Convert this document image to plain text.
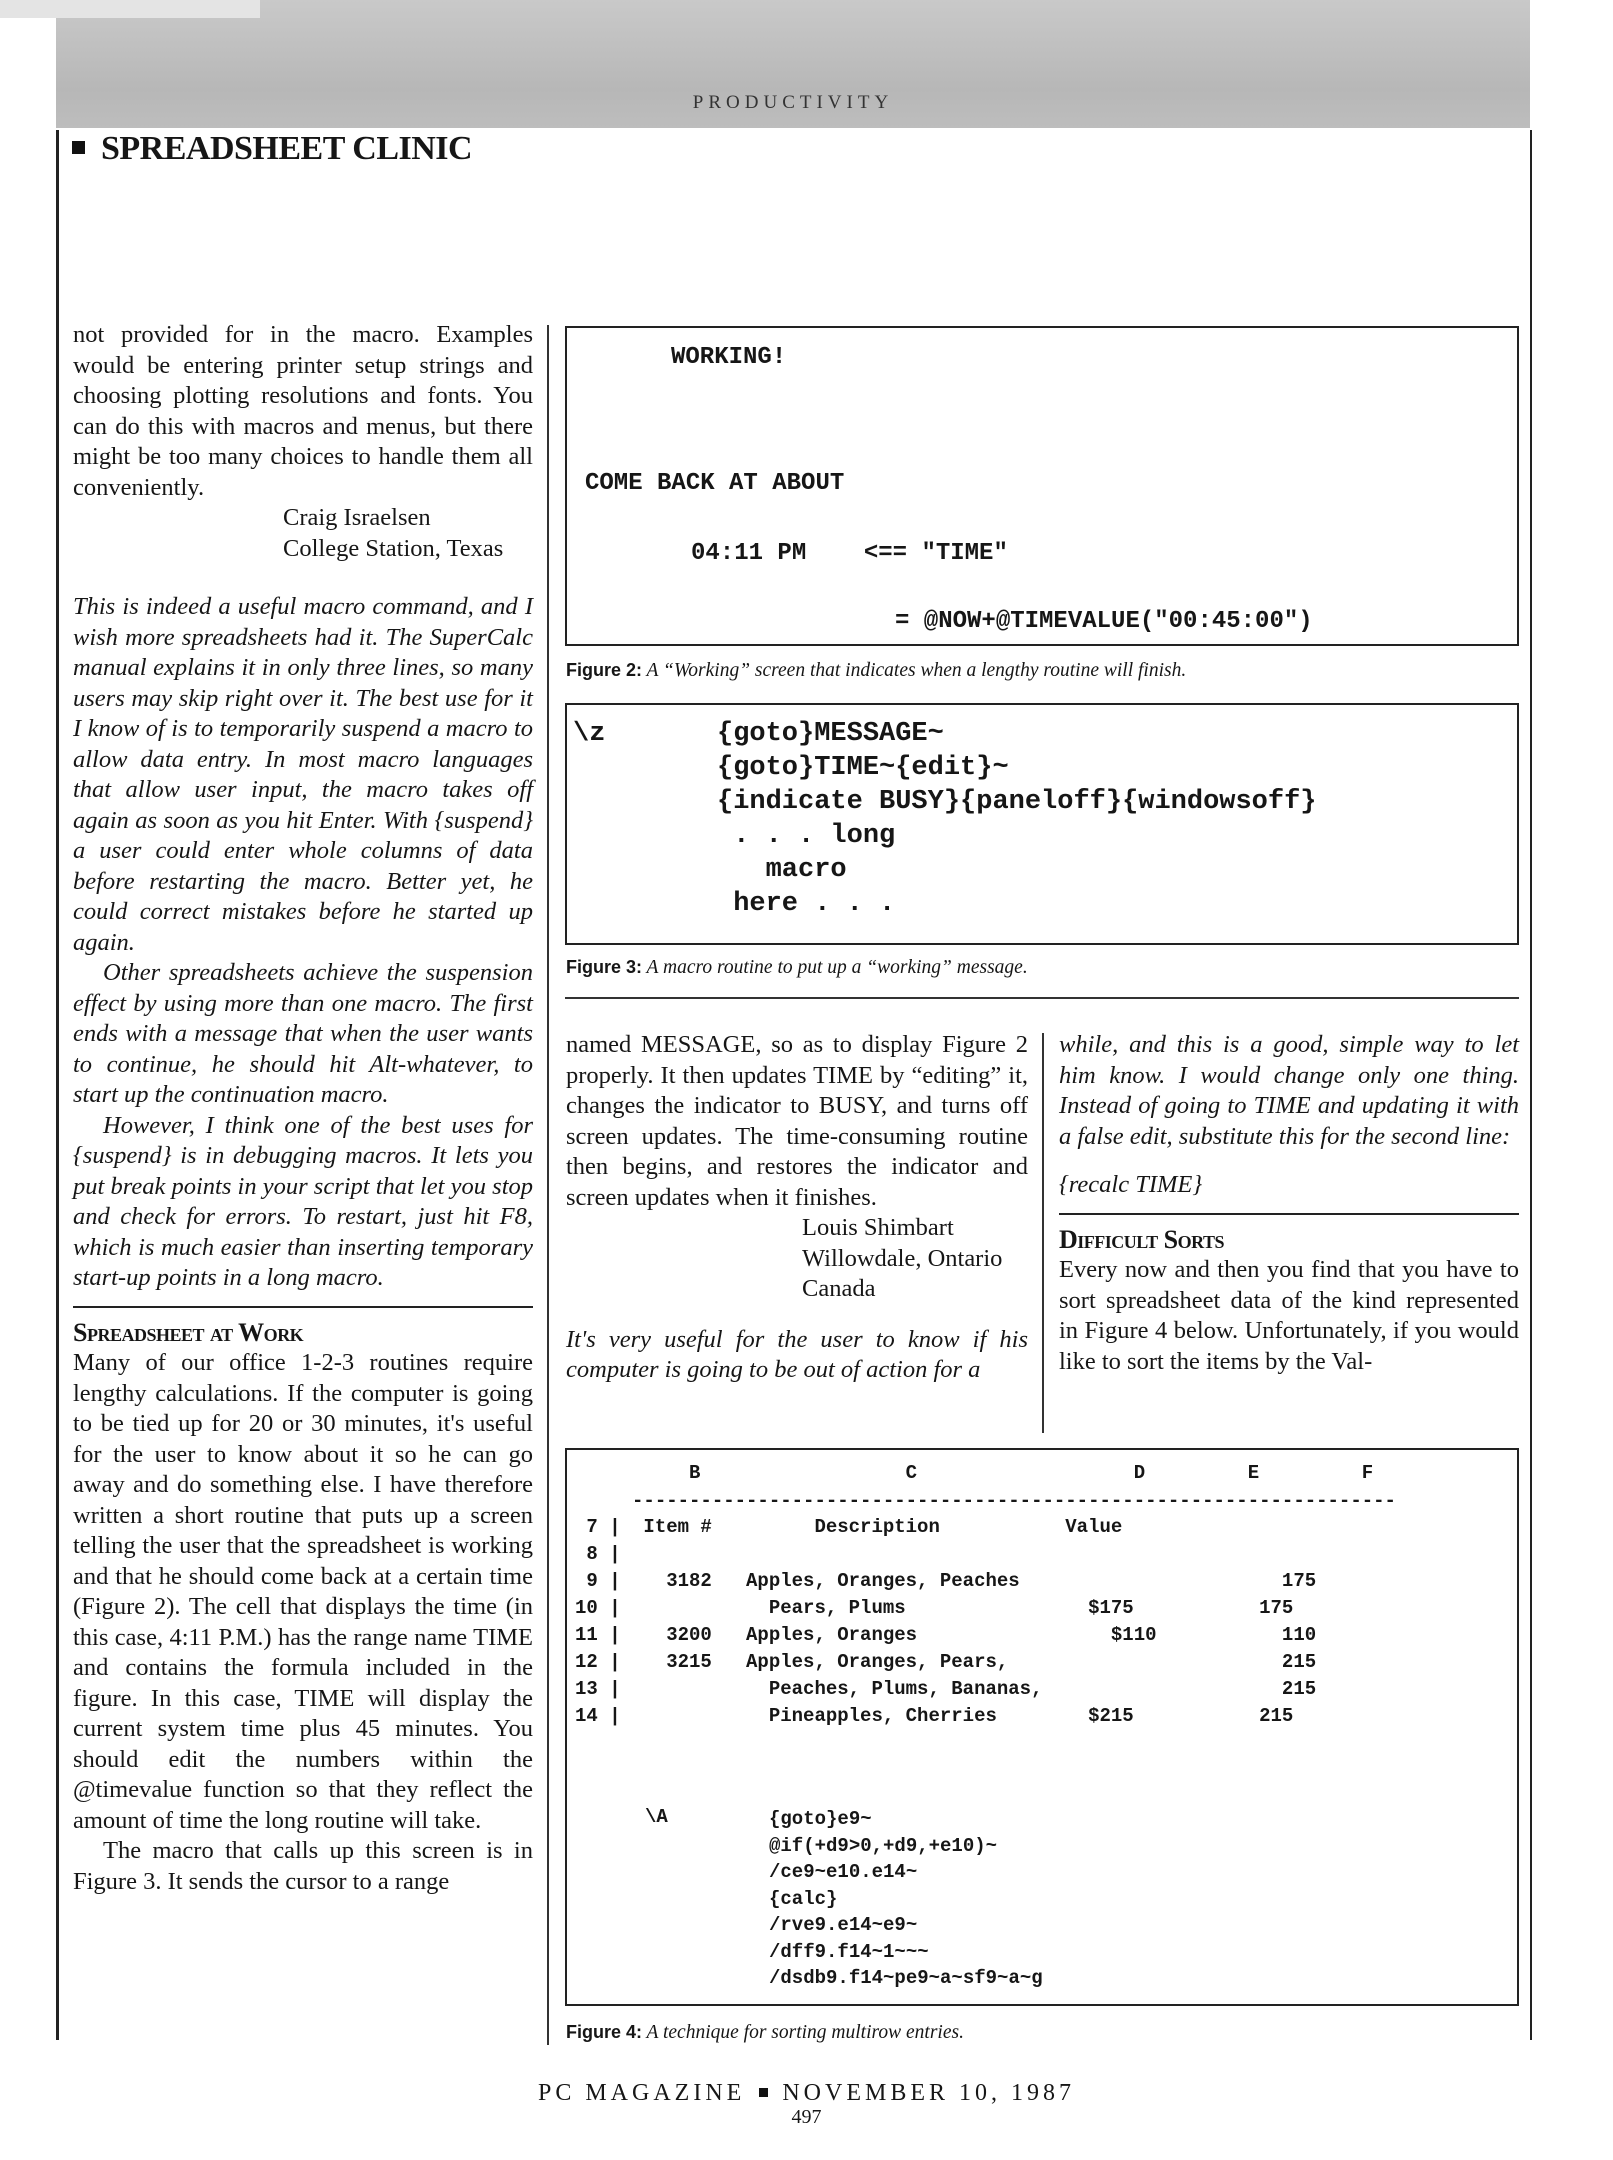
PRODUCTIVITY
SPREADSHEET CLINIC

not provided for in the macro. Examples would be entering printer setup strings and choosing plotting resolutions and fonts. You can do this with macros and menus, but there might be too many choices to handle them all conveniently.

Craig Israelsen

College Station, Texas

This is indeed a useful macro command, and I wish more spreadsheets had it. The SuperCalc manual explains it in only three lines, so many users may skip right over it. The best use for it I know of is to temporarily suspend a macro to allow data entry. In most macro languages that allow user input, the macro takes off again as soon as you hit Enter. With {suspend} a user could enter whole columns of data before restarting the macro. Better yet, he could correct mistakes before he started up again.

Other spreadsheets achieve the suspension effect by using more than one macro. The first ends with a message that when the user wants to continue, he should hit Alt-whatever, to start up the continuation macro.

However, I think one of the best uses for {suspend} is in debugging macros. It lets you put break points in your script that let you stop and check for errors. To restart, just hit F8, which is much easier than inserting temporary start-up points in a long macro.

Spreadsheet at Work

Many of our office 1-2-3 routines require lengthy calculations. If the computer is going to be tied up for 20 or 30 minutes, it's useful for the user to know about it so he can go away and do something else. I have therefore written a short routine that puts up a screen telling the user that the spreadsheet is working and that he should come back at a certain time (Figure 2). The cell that displays the time (in this case, 4:11 P.M.) has the range name TIME and contains the formula included in the figure. In this case, TIME will display the current system time plus 45 minutes. You should edit the numbers within the @timevalue function so that they reflect the amount of time the long routine will take.

The macro that calls up this screen is in Figure 3. It sends the cursor to a range

WORKING!
COME BACK AT ABOUT
04:11 PM    <== "TIME"
= @NOW+@TIMEVALUE("00:45:00")
Figure 2: A “Working” screen that indicates when a lengthy routine will finish.
\z	{goto}MESSAGE~
{goto}TIME~{edit}~
{indicate BUSY}{paneloff}{windowsoff}
. . . long
macro
here . . .
Figure 3: A macro routine to put up a “working” message.

named MESSAGE, so as to display Figure 2 properly. It then updates TIME by “editing” it, changes the indicator to BUSY, and turns off screen updates. The time-consuming routine then begins, and restores the indicator and screen updates when it finishes.

Louis Shimbart

Willowdale, Ontario

Canada

It's very useful for the user to know if his computer is going to be out of action for a

while, and this is a good, simple way to let him know. I would change only one thing. Instead of going to TIME and updating it with a false edit, substitute this for the second line:

{recalc TIME}

Difficult Sorts

Every now and then you find that you have to sort spreadsheet data of the kind represented in Figure 4 below. Unfortunately, if you would like to sort the items by the Val-

B                  C                   D         E         F
-------------------------------------------------------------------
7 |  Item #         Description           Value
8 |
9 |    3182   Apples, Oranges, Peaches                       175
10 |             Pears, Plums                $175           175
11 |    3200   Apples, Oranges                 $110           110
12 |    3215   Apples, Oranges, Pears,                        215
13 |             Peaches, Plums, Bananas,                     215
14 |             Pineapples, Cherries        $215           215
\A	{goto}e9~
@if(+d9>0,+d9,+e10)~
/ce9~e10.e14~
{calc}
/rve9.e14~e9~
/dff9.f14~1~~~
/dsdb9.f14~pe9~a~sf9~a~g
Figure 4: A technique for sorting multirow entries.
PC MAGAZINE NOVEMBER 10, 1987
497
